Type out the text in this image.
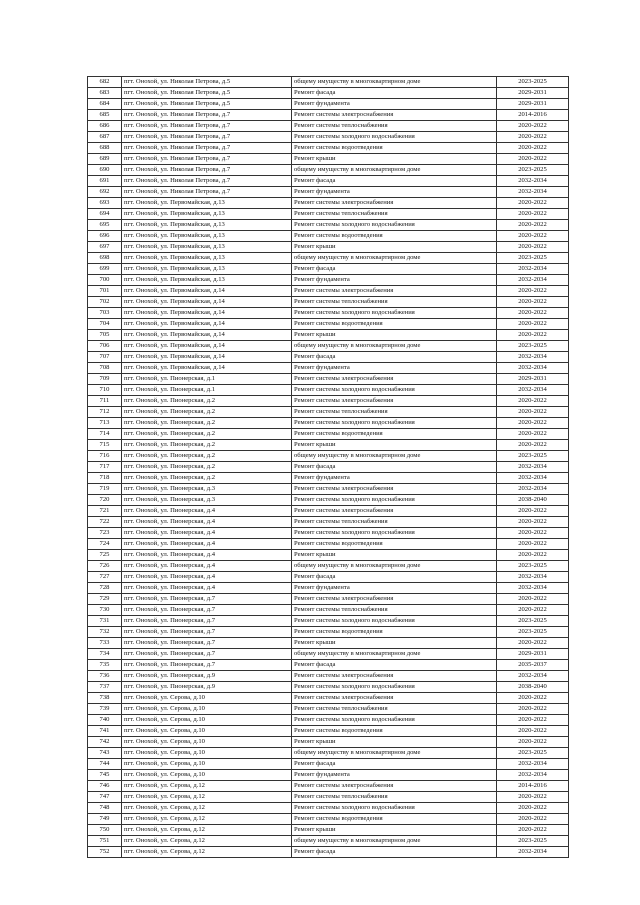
682	пгт. Онохой, ул. Николая Петрова, д.5	общему имуществу в многоквартирном доме	2023-2025
683	пгт. Онохой, ул. Николая Петрова, д.5	Ремонт фасада	2029-2031
684	пгт. Онохой, ул. Николая Петрова, д.5	Ремонт фундамента	2029-2031
685	пгт. Онохой, ул. Николая Петрова, д.7	Ремонт системы электроснабжения	2014-2016
686	пгт. Онохой, ул. Николая Петрова, д.7	Ремонт системы теплоснабжения	2020-2022
687	пгт. Онохой, ул. Николая Петрова, д.7	Ремонт системы холодного водоснабжения	2020-2022
688	пгт. Онохой, ул. Николая Петрова, д.7	Ремонт системы водоотведения	2020-2022
689	пгт. Онохой, ул. Николая Петрова, д.7	Ремонт крыши	2020-2022
690	пгт. Онохой, ул. Николая Петрова, д.7	общему имуществу в многоквартирном доме	2023-2025
691	пгт. Онохой, ул. Николая Петрова, д.7	Ремонт фасада	2032-2034
692	пгт. Онохой, ул. Николая Петрова, д.7	Ремонт фундамента	2032-2034
693	пгт. Онохой, ул. Первомайская, д.13	Ремонт системы электроснабжения	2020-2022
694	пгт. Онохой, ул. Первомайская, д.13	Ремонт системы теплоснабжения	2020-2022
695	пгт. Онохой, ул. Первомайская, д.13	Ремонт системы холодного водоснабжения	2020-2022
696	пгт. Онохой, ул. Первомайская, д.13	Ремонт системы водоотведения	2020-2022
697	пгт. Онохой, ул. Первомайская, д.13	Ремонт крыши	2020-2022
698	пгт. Онохой, ул. Первомайская, д.13	общему имуществу в многоквартирном доме	2023-2025
699	пгт. Онохой, ул. Первомайская, д.13	Ремонт фасада	2032-2034
700	пгт. Онохой, ул. Первомайская, д.13	Ремонт фундамента	2032-2034
701	пгт. Онохой, ул. Первомайская, д.14	Ремонт системы электроснабжения	2020-2022
702	пгт. Онохой, ул. Первомайская, д.14	Ремонт системы теплоснабжения	2020-2022
703	пгт. Онохой, ул. Первомайская, д.14	Ремонт системы холодного водоснабжения	2020-2022
704	пгт. Онохой, ул. Первомайская, д.14	Ремонт системы водоотведения	2020-2022
705	пгт. Онохой, ул. Первомайская, д.14	Ремонт крыши	2020-2022
706	пгт. Онохой, ул. Первомайская, д.14	общему имуществу в многоквартирном доме	2023-2025
707	пгт. Онохой, ул. Первомайская, д.14	Ремонт фасада	2032-2034
708	пгт. Онохой, ул. Первомайская, д.14	Ремонт фундамента	2032-2034
709	пгт. Онохой, ул. Пионерская, д.1	Ремонт системы электроснабжения	2029-2031
710	пгт. Онохой, ул. Пионерская, д.1	Ремонт системы холодного водоснабжения	2032-2034
711	пгт. Онохой, ул. Пионерская, д.2	Ремонт системы электроснабжения	2020-2022
712	пгт. Онохой, ул. Пионерская, д.2	Ремонт системы теплоснабжения	2020-2022
713	пгт. Онохой, ул. Пионерская, д.2	Ремонт системы холодного водоснабжения	2020-2022
714	пгт. Онохой, ул. Пионерская, д.2	Ремонт системы водоотведения	2020-2022
715	пгт. Онохой, ул. Пионерская, д.2	Ремонт крыши	2020-2022
716	пгт. Онохой, ул. Пионерская, д.2	общему имуществу в многоквартирном доме	2023-2025
717	пгт. Онохой, ул. Пионерская, д.2	Ремонт фасада	2032-2034
718	пгт. Онохой, ул. Пионерская, д.2	Ремонт фундамента	2032-2034
719	пгт. Онохой, ул. Пионерская, д.3	Ремонт системы электроснабжения	2032-2034
720	пгт. Онохой, ул. Пионерская, д.3	Ремонт системы холодного водоснабжения	2038-2040
721	пгт. Онохой, ул. Пионерская, д.4	Ремонт системы электроснабжения	2020-2022
722	пгт. Онохой, ул. Пионерская, д.4	Ремонт системы теплоснабжения	2020-2022
723	пгт. Онохой, ул. Пионерская, д.4	Ремонт системы холодного водоснабжения	2020-2022
724	пгт. Онохой, ул. Пионерская, д.4	Ремонт системы водоотведения	2020-2022
725	пгт. Онохой, ул. Пионерская, д.4	Ремонт крыши	2020-2022
726	пгт. Онохой, ул. Пионерская, д.4	общему имуществу в многоквартирном доме	2023-2025
727	пгт. Онохой, ул. Пионерская, д.4	Ремонт фасада	2032-2034
728	пгт. Онохой, ул. Пионерская, д.4	Ремонт фундамента	2032-2034
729	пгт. Онохой, ул. Пионерская, д.7	Ремонт системы электроснабжения	2020-2022
730	пгт. Онохой, ул. Пионерская, д.7	Ремонт системы теплоснабжения	2020-2022
731	пгт. Онохой, ул. Пионерская, д.7	Ремонт системы холодного водоснабжения	2023-2025
732	пгт. Онохой, ул. Пионерская, д.7	Ремонт системы водоотведения	2023-2025
733	пгт. Онохой, ул. Пионерская, д.7	Ремонт крыши	2020-2022
734	пгт. Онохой, ул. Пионерская, д.7	общему имуществу в многоквартирном доме	2029-2031
735	пгт. Онохой, ул. Пионерская, д.7	Ремонт фасада	2035-2037
736	пгт. Онохой, ул. Пионерская, д.9	Ремонт системы электроснабжения	2032-2034
737	пгт. Онохой, ул. Пионерская, д.9	Ремонт системы холодного водоснабжения	2038-2040
738	пгт. Онохой, ул. Серова, д.10	Ремонт системы электроснабжения	2020-2022
739	пгт. Онохой, ул. Серова, д.10	Ремонт системы теплоснабжения	2020-2022
740	пгт. Онохой, ул. Серова, д.10	Ремонт системы холодного водоснабжения	2020-2022
741	пгт. Онохой, ул. Серова, д.10	Ремонт системы водоотведения	2020-2022
742	пгт. Онохой, ул. Серова, д.10	Ремонт крыши	2020-2022
743	пгт. Онохой, ул. Серова, д.10	общему имуществу в многоквартирном доме	2023-2025
744	пгт. Онохой, ул. Серова, д.10	Ремонт фасада	2032-2034
745	пгт. Онохой, ул. Серова, д.10	Ремонт фундамента	2032-2034
746	пгт. Онохой, ул. Серова, д.12	Ремонт системы электроснабжения	2014-2016
747	пгт. Онохой, ул. Серова, д.12	Ремонт системы теплоснабжения	2020-2022
748	пгт. Онохой, ул. Серова, д.12	Ремонт системы холодного водоснабжения	2020-2022
749	пгт. Онохой, ул. Серова, д.12	Ремонт системы водоотведения	2020-2022
750	пгт. Онохой, ул. Серова, д.12	Ремонт крыши	2020-2022
751	пгт. Онохой, ул. Серова, д.12	общему имуществу в многоквартирном доме	2023-2025
752	пгт. Онохой, ул. Серова, д.12	Ремонт фасада	2032-2034
